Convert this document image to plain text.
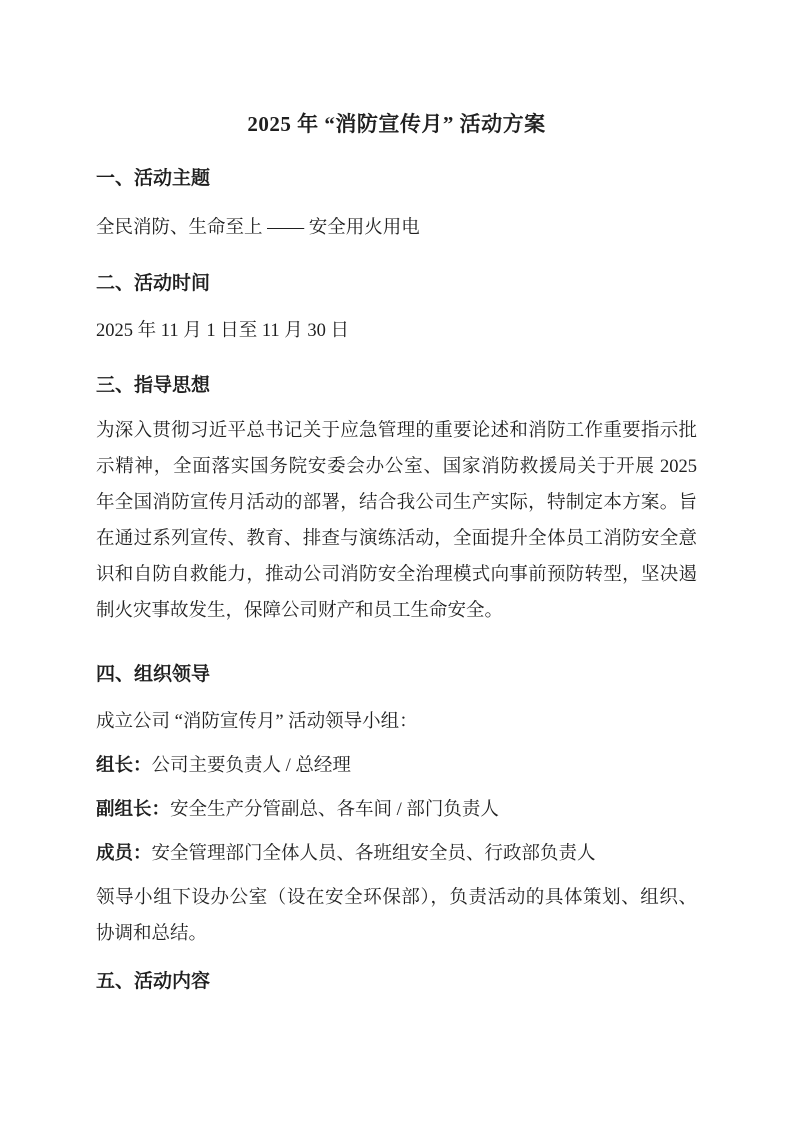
2025 年 “消防宣传月” 活动方案
一、活动主题

全民消防、生命至上 —— 安全用火用电

二、活动时间

2025 年 11 月 1 日至 11 月 30 日

三、指导思想
为深入贯彻习近平总书记关于应急管理的重要论述和消防工作重要指示批
示精神，全面落实国务院安委会办公室、国家消防救援局关于开展 2025
年全国消防宣传月活动的部署，结合我公司生产实际，特制定本方案。旨
在通过系列宣传、教育、排查与演练活动，全面提升全体员工消防安全意
识和自防自救能力，推动公司消防安全治理模式向事前预防转型，坚决遏
制火灾事故发生，保障公司财产和员工生命安全。
四、组织领导

成立公司 “消防宣传月” 活动领导小组：

组长：公司主要负责人 / 总经理

副组长：安全生产分管副总、各车间 / 部门负责人

成员：安全管理部门全体人员、各班组安全员、行政部负责人

领导小组下设办公室（设在安全环保部），负责活动的具体策划、组织、
协调和总结。
五、活动内容
